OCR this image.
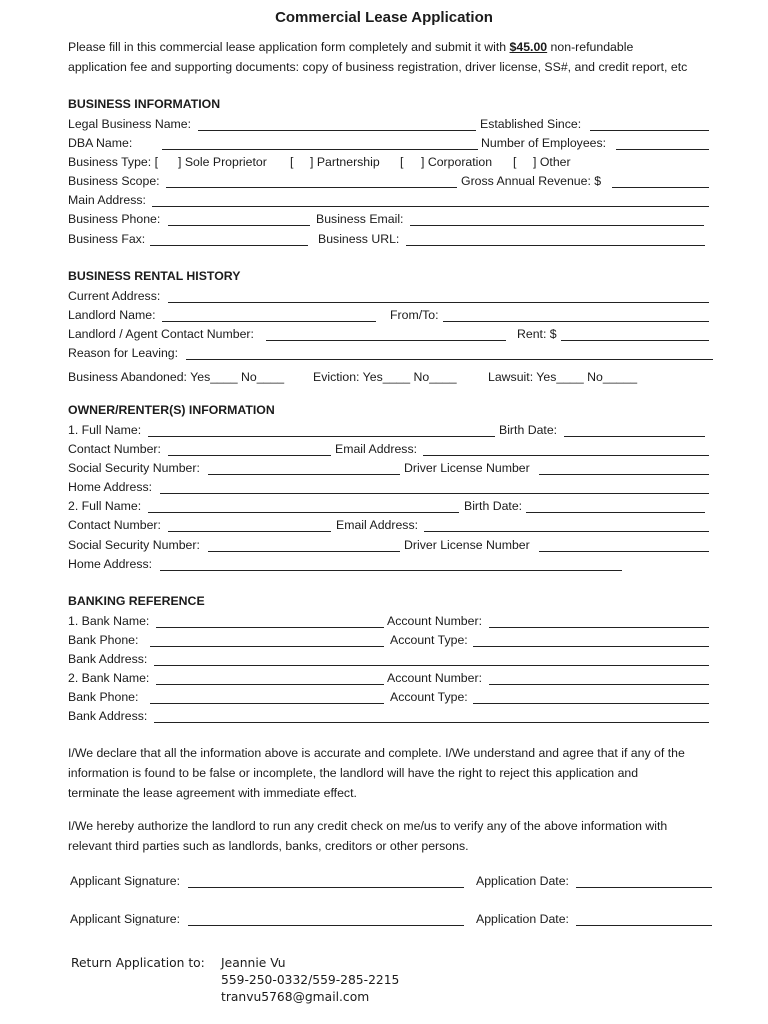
Commercial Lease Application
Please fill in this commercial lease application form completely and submit it with $45.00 non-refundable
application fee and supporting documents: copy of business registration, driver license, SS#, and credit report, etc
BUSINESS INFORMATION
Legal Business Name:	Established Since:
DBA Name:	Number of Employees:
Business Type: [ ] Sole Proprietor [ ] Partnership [ ] Corporation [ ] Other
Business Scope:	Gross Annual Revenue: $
Main Address:
Business Phone:	Business Email:
Business Fax:	Business URL:
BUSINESS RENTAL HISTORY
Current Address:
Landlord Name:	From/To:
Landlord / Agent Contact Number:	Rent: $
Reason for Leaving:
Business Abandoned: Yes____ No____ Eviction: Yes____ No____	Lawsuit: Yes____ No_____
OWNER/RENTER(S) INFORMATION
1. Full Name:	Birth Date:
Contact Number:	Email Address:
Social Security Number:	Driver License Number
Home Address:
2. Full Name:	Birth Date:
Contact Number:	Email Address:
Social Security Number:	Driver License Number
Home Address:
BANKING REFERENCE
1. Bank Name:	Account Number:
Bank Phone:	Account Type:
Bank Address:
2. Bank Name:	Account Number:
Bank Phone:	Account Type:
Bank Address:
I/We declare that all the information above is accurate and complete. I/We understand and agree that if any of the
information is found to be false or incomplete, the landlord will have the right to reject this application and
terminate the lease agreement with immediate effect.
I/We hereby authorize the landlord to run any credit check on me/us to verify any of the above information with
relevant third parties such as landlords, banks, creditors or other persons.
Applicant Signature:	Application Date:
Applicant Signature:	Application Date:
Return Application to: Jeannie Vu
559-250-0332/559-285-2215
tranvu5768@gmail.com
